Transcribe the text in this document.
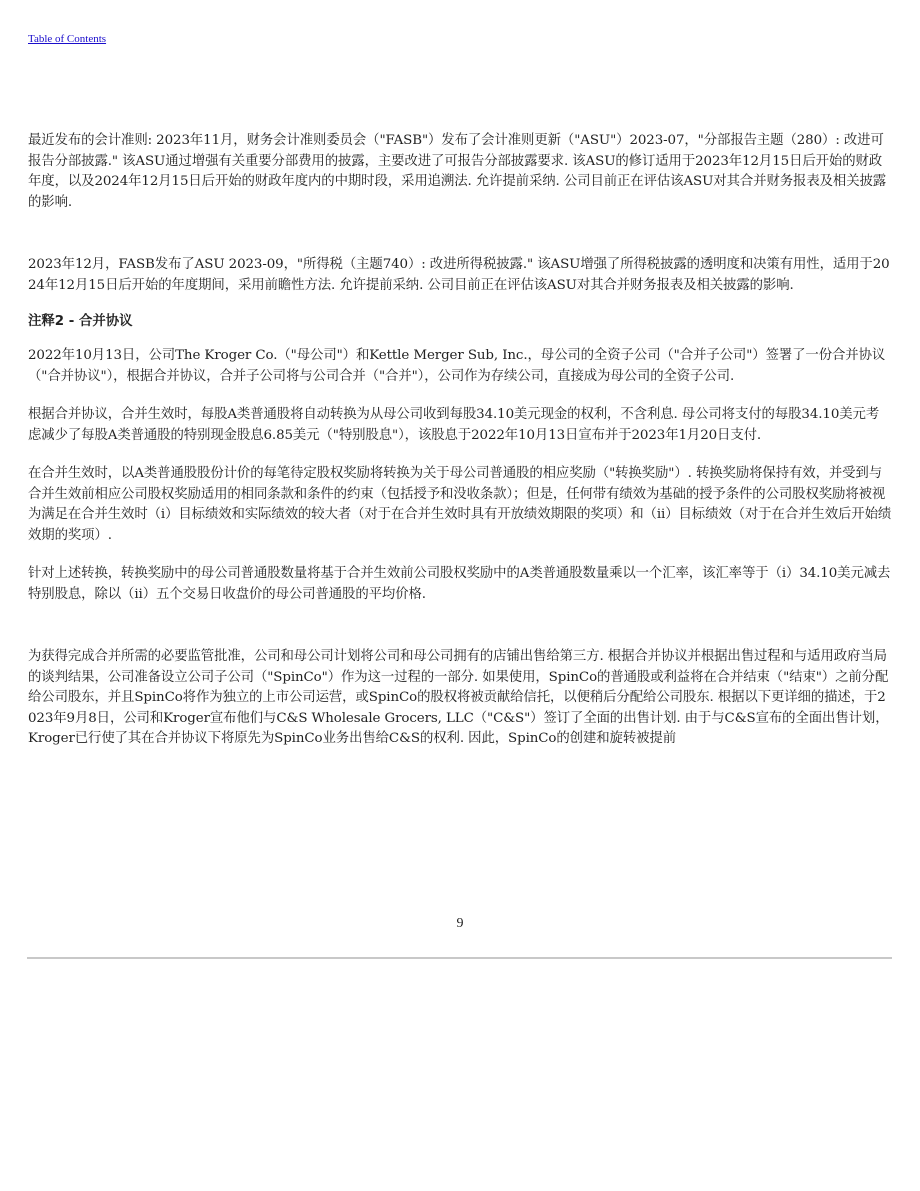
Table of Contents

最近发布的会计准则: 2023年11月，财务会计准则委员会（"FASB"）发布了会计准则更新（"ASU"）2023-07，"分部报告主题（280）: 改进可报告分部披露." 该ASU通过增强有关重要分部费用的披露，主要改进了可报告分部披露要求. 该ASU的修订适用于2023年12月15日后开始的财政年度，以及2024年12月15日后开始的财政年度内的中期时段，采用追溯法. 允许提前采纳. 公司目前正在评估该ASU对其合并财务报表及相关披露的影响.

2023年12月，FASB发布了ASU 2023-09，"所得税（主题740）: 改进所得税披露." 该ASU增强了所得税披露的透明度和决策有用性，适用于2024年12月15日后开始的年度期间，采用前瞻性方法. 允许提前采纳. 公司目前正在评估该ASU对其合并财务报表及相关披露的影响.

注释2 - 合并协议

2022年10月13日，公司The Kroger Co.（"母公司"）和Kettle Merger Sub, Inc.，母公司的全资子公司（"合并子公司"）签署了一份合并协议（"合并协议"），根据合并协议，合并子公司将与公司合并（"合并"），公司作为存续公司，直接成为母公司的全资子公司.

根据合并协议，合并生效时，每股A类普通股将自动转换为从母公司收到每股34.10美元现金的权利，不含利息. 母公司将支付的每股34.10美元考虑减少了每股A类普通股的特别现金股息6.85美元（"特别股息"），该股息于2022年10月13日宣布并于2023年1月20日支付.

在合并生效时，以A类普通股股份计价的每笔待定股权奖励将转换为关于母公司普通股的相应奖励（"转换奖励"）. 转换奖励将保持有效，并受到与合并生效前相应公司股权奖励适用的相同条款和条件的约束（包括授予和没收条款）；但是，任何带有绩效为基础的授予条件的公司股权奖励将被视为满足在合并生效时（i）目标绩效和实际绩效的较大者（对于在合并生效时具有开放绩效期限的奖项）和（ii）目标绩效（对于在合并生效后开始绩效期的奖项）.

针对上述转换，转换奖励中的母公司普通股数量将基于合并生效前公司股权奖励中的A类普通股数量乘以一个汇率，该汇率等于（i）34.10美元减去特别股息，除以（ii）五个交易日收盘价的母公司普通股的平均价格.

为获得完成合并所需的必要监管批准，公司和母公司计划将公司和母公司拥有的店铺出售给第三方. 根据合并协议并根据出售过程和与适用政府当局的谈判结果，公司准备设立公司子公司（"SpinCo"）作为这一过程的一部分. 如果使用，SpinCo的普通股或利益将在合并结束（"结束"）之前分配给公司股东，并且SpinCo将作为独立的上市公司运营，或SpinCo的股权将被贡献给信托，以便稍后分配给公司股东. 根据以下更详细的描述，于2023年9月8日，公司和Kroger宣布他们与C&S Wholesale Grocers, LLC（"C&S"）签订了全面的出售计划. 由于与C&S宣布的全面出售计划，Kroger已行使了其在合并协议下将原先为SpinCo业务出售给C&S的权利. 因此，SpinCo的创建和旋转被提前

9
